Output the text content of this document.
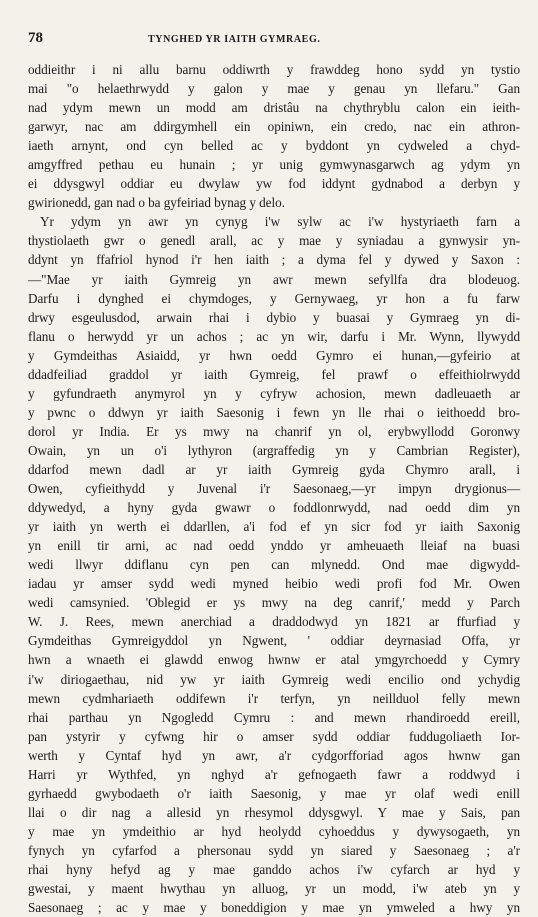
78	TYNGHED YR IAITH GYMRAEG.
oddieithr i ni allu barnu oddiwrth y frawddeg hono sydd yn tystio
mai "o helaethrwydd y galon y mae y genau yn llefaru." Gan
nad ydym mewn un modd am dristâu na chythryblu calon ein ieith-
garwyr, nac am ddirgymhell ein opiniwn, ein credo, nac ein athron-
iaeth arnynt, ond cyn belled ac y byddont yn cydweled a chyd-
amgyffred pethau eu hunain ; yr unig gymwynasgarwch ag ydym yn
ei ddysgwyl oddiar eu dwylaw yw fod iddynt gydnabod a derbyn y
gwirionedd, gan nad o ba gyfeiriad bynag y delo.
Yr ydym yn awr yn cynyg i'w sylw ac i'w hystyriaeth farn a
thystiolaeth gwr o genedl arall, ac y mae y syniadau a gynwysir yn-
ddynt yn ffafriol hynod i'r hen iaith ; a dyma fel y dywed y Saxon :
—"Mae yr iaith Gymreig yn awr mewn sefyllfa dra blodeuog.
Darfu i dynghed ei chymdoges, y Gernywaeg, yr hon a fu farw
drwy esgeulusdod, arwain rhai i dybio y buasai y Gymraeg yn di-
flanu o herwydd yr un achos ; ac yn wir, darfu i Mr. Wynn, llywydd
y Gymdeithas Asiaidd, yr hwn oedd Gymro ei hunan,—gyfeirio at
ddadfeiliad graddol yr iaith Gymreig, fel prawf o effeithiolrwydd
y gyfundraeth anymyrol yn y cyfryw achosion, mewn dadleuaeth ar
y pwnc o ddwyn yr iaith Saesonig i fewn yn lle rhai o ieithoedd bro-
dorol yr India. Er ys mwy na chanrif yn ol, erybwyllodd Goronwy
Owain, yn un o'i lythyron (argraffedig yn y Cambrian Register),
ddarfod mewn dadl ar yr iaith Gymreig gyda Chymro arall, i
Owen, cyfieithydd y Juvenal i'r Saesonaeg,—yr impyn drygionus—
ddywedyd, a hyny gyda gwawr o foddlonrwydd, nad oedd dim yn
yr iaith yn werth ei ddarllen, a'i fod ef yn sicr fod yr iaith Saxonig
yn enill tir arni, ac nad oedd ynddo yr amheuaeth lleiaf na buasi
wedi llwyr ddiflanu cyn pen can mlynedd. Ond mae digwydd-
iadau yr amser sydd wedi myned heibio wedi profi fod Mr. Owen
wedi camsynied. 'Oblegid er ys mwy na deg canrif,' medd y Parch
W. J. Rees, mewn anerchiad a draddodwyd yn 1821 ar ffurfiad y
Gymdeithas Gymreigyddol yn Ngwent, ' oddiar deyrnasiad Offa, yr
hwn a wnaeth ei glawdd enwog hwnw er atal ymgyrchoedd y Cymry
i'w diriogaethau, nid yw yr iaith Gymreig wedi encilio ond ychydig
mewn cydmhariaeth oddifewn i'r terfyn, yn neillduol felly mewn
rhai parthau yn Ngogledd Cymru : and mewn rhandiroedd ereill,
pan ystyrir y cyfwng hir o amser sydd oddiar fuddugoliaeth Ior-
werth y Cyntaf hyd yn awr, a'r cydgorfforiad agos hwnw gan
Harri yr Wythfed, yn nghyd a'r gefnogaeth fawr a roddwyd i
gyrhaedd gwybodaeth o'r iaith Saesonig, y mae yr olaf wedi enill
llai o dir nag a allesid yn rhesymol ddysgwyl. Y mae y Sais, pan
y mae yn ymdeithio ar hyd heolydd cyhoeddus y dywysogaeth, yn
fynych yn cyfarfod a phersonau sydd yn siared y Saesonaeg ; a'r
rhai hyny hefyd ag y mae ganddo achos i'w cyfarch ar hyd y
gwestai, y maent hwythau yn alluog, yr un modd, i'w ateb yn y
Saesonaeg ; ac y mae y boneddigion y mae yn ymweled a hwy yn
